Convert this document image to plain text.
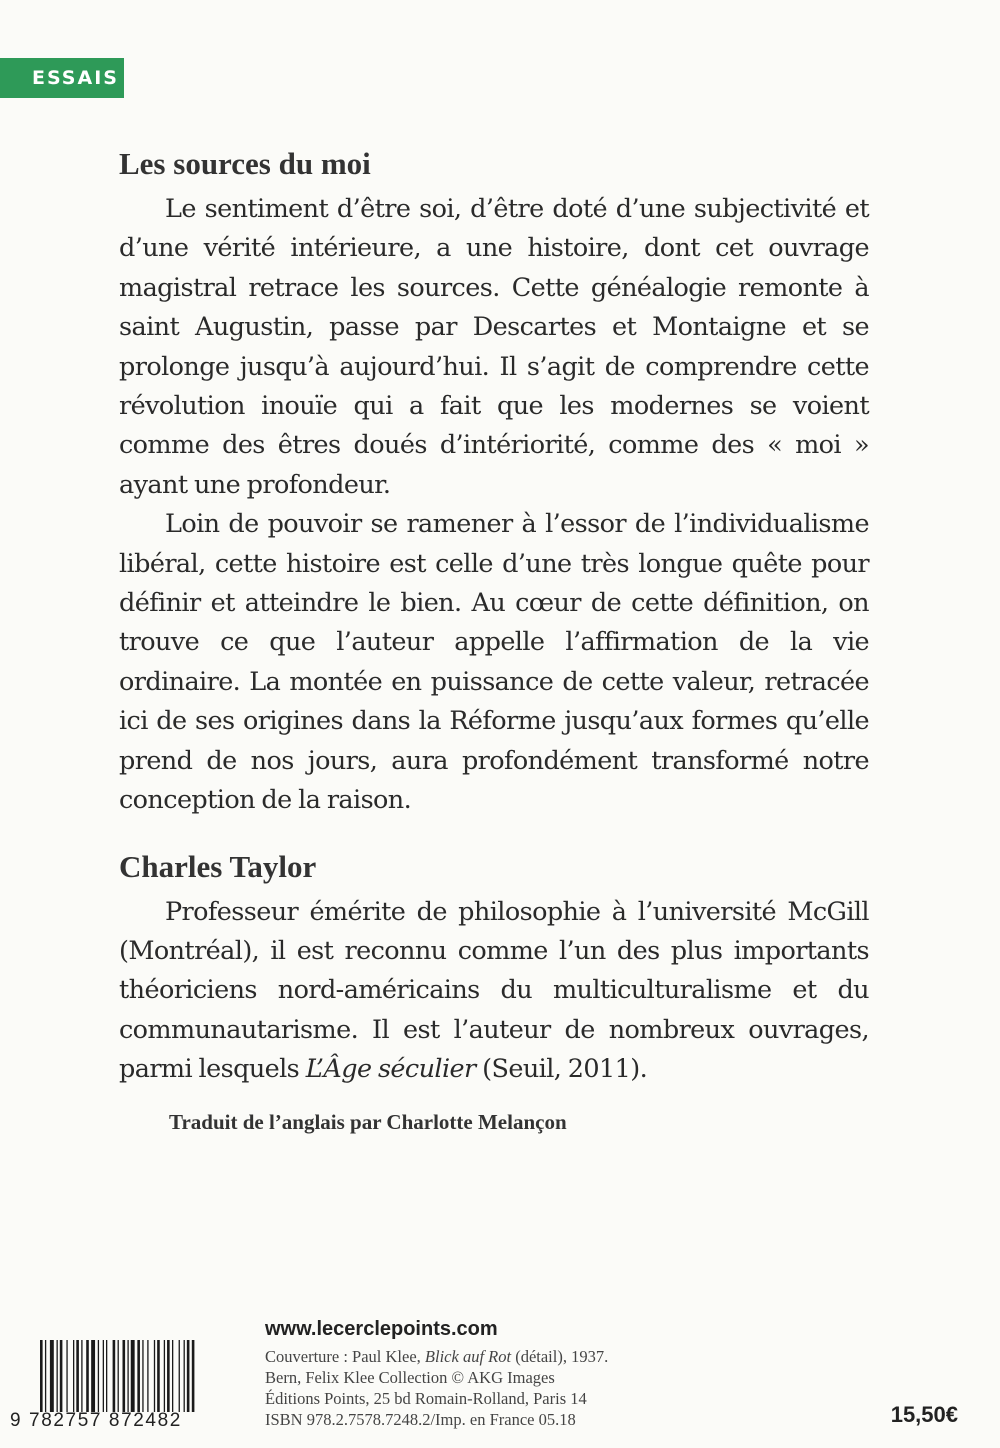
ESSAIS
Les sources du moi

Le sentiment d’être soi, d’être doté d’une subjectivité et d’une vérité intérieure, a une histoire, dont cet ouvrage magistral retrace les sources. Cette généalogie remonte à saint Augustin, passe par Descartes et Montaigne et se prolonge jusqu’à aujourd’hui. Il s’agit de comprendre cette révolution inouïe qui a fait que les modernes se voient comme des êtres doués d’intériorité, comme des « moi » ayant une profondeur.

Loin de pouvoir se ramener à l’essor de l’individualisme libéral, cette histoire est celle d’une très longue quête pour définir et atteindre le bien. Au cœur de cette définition, on trouve ce que l’auteur appelle l’affirmation de la vie ordinaire. La montée en puissance de cette valeur, retracée ici de ses origines dans la Réforme jusqu’aux formes qu’elle prend de nos jours, aura profondément transformé notre conception de la raison.

Charles Taylor

Professeur émérite de philosophie à l’université McGill (Montréal), il est reconnu comme l’un des plus importants théoriciens nord-américains du multiculturalisme et du communautarisme. Il est l’auteur de nombreux ouvrages, parmi lesquels L’Âge séculier (Seuil, 2011).

Traduit de l’anglais par Charlotte Melançon
9 782757 872482
www.lecerclepoints.com
Couverture : Paul Klee, Blick auf Rot (détail), 1937.
Bern, Felix Klee Collection © AKG Images
Éditions Points, 25 bd Romain-Rolland, Paris 14
ISBN 978.2.7578.7248.2/Imp. en France 05.18	15,50€
